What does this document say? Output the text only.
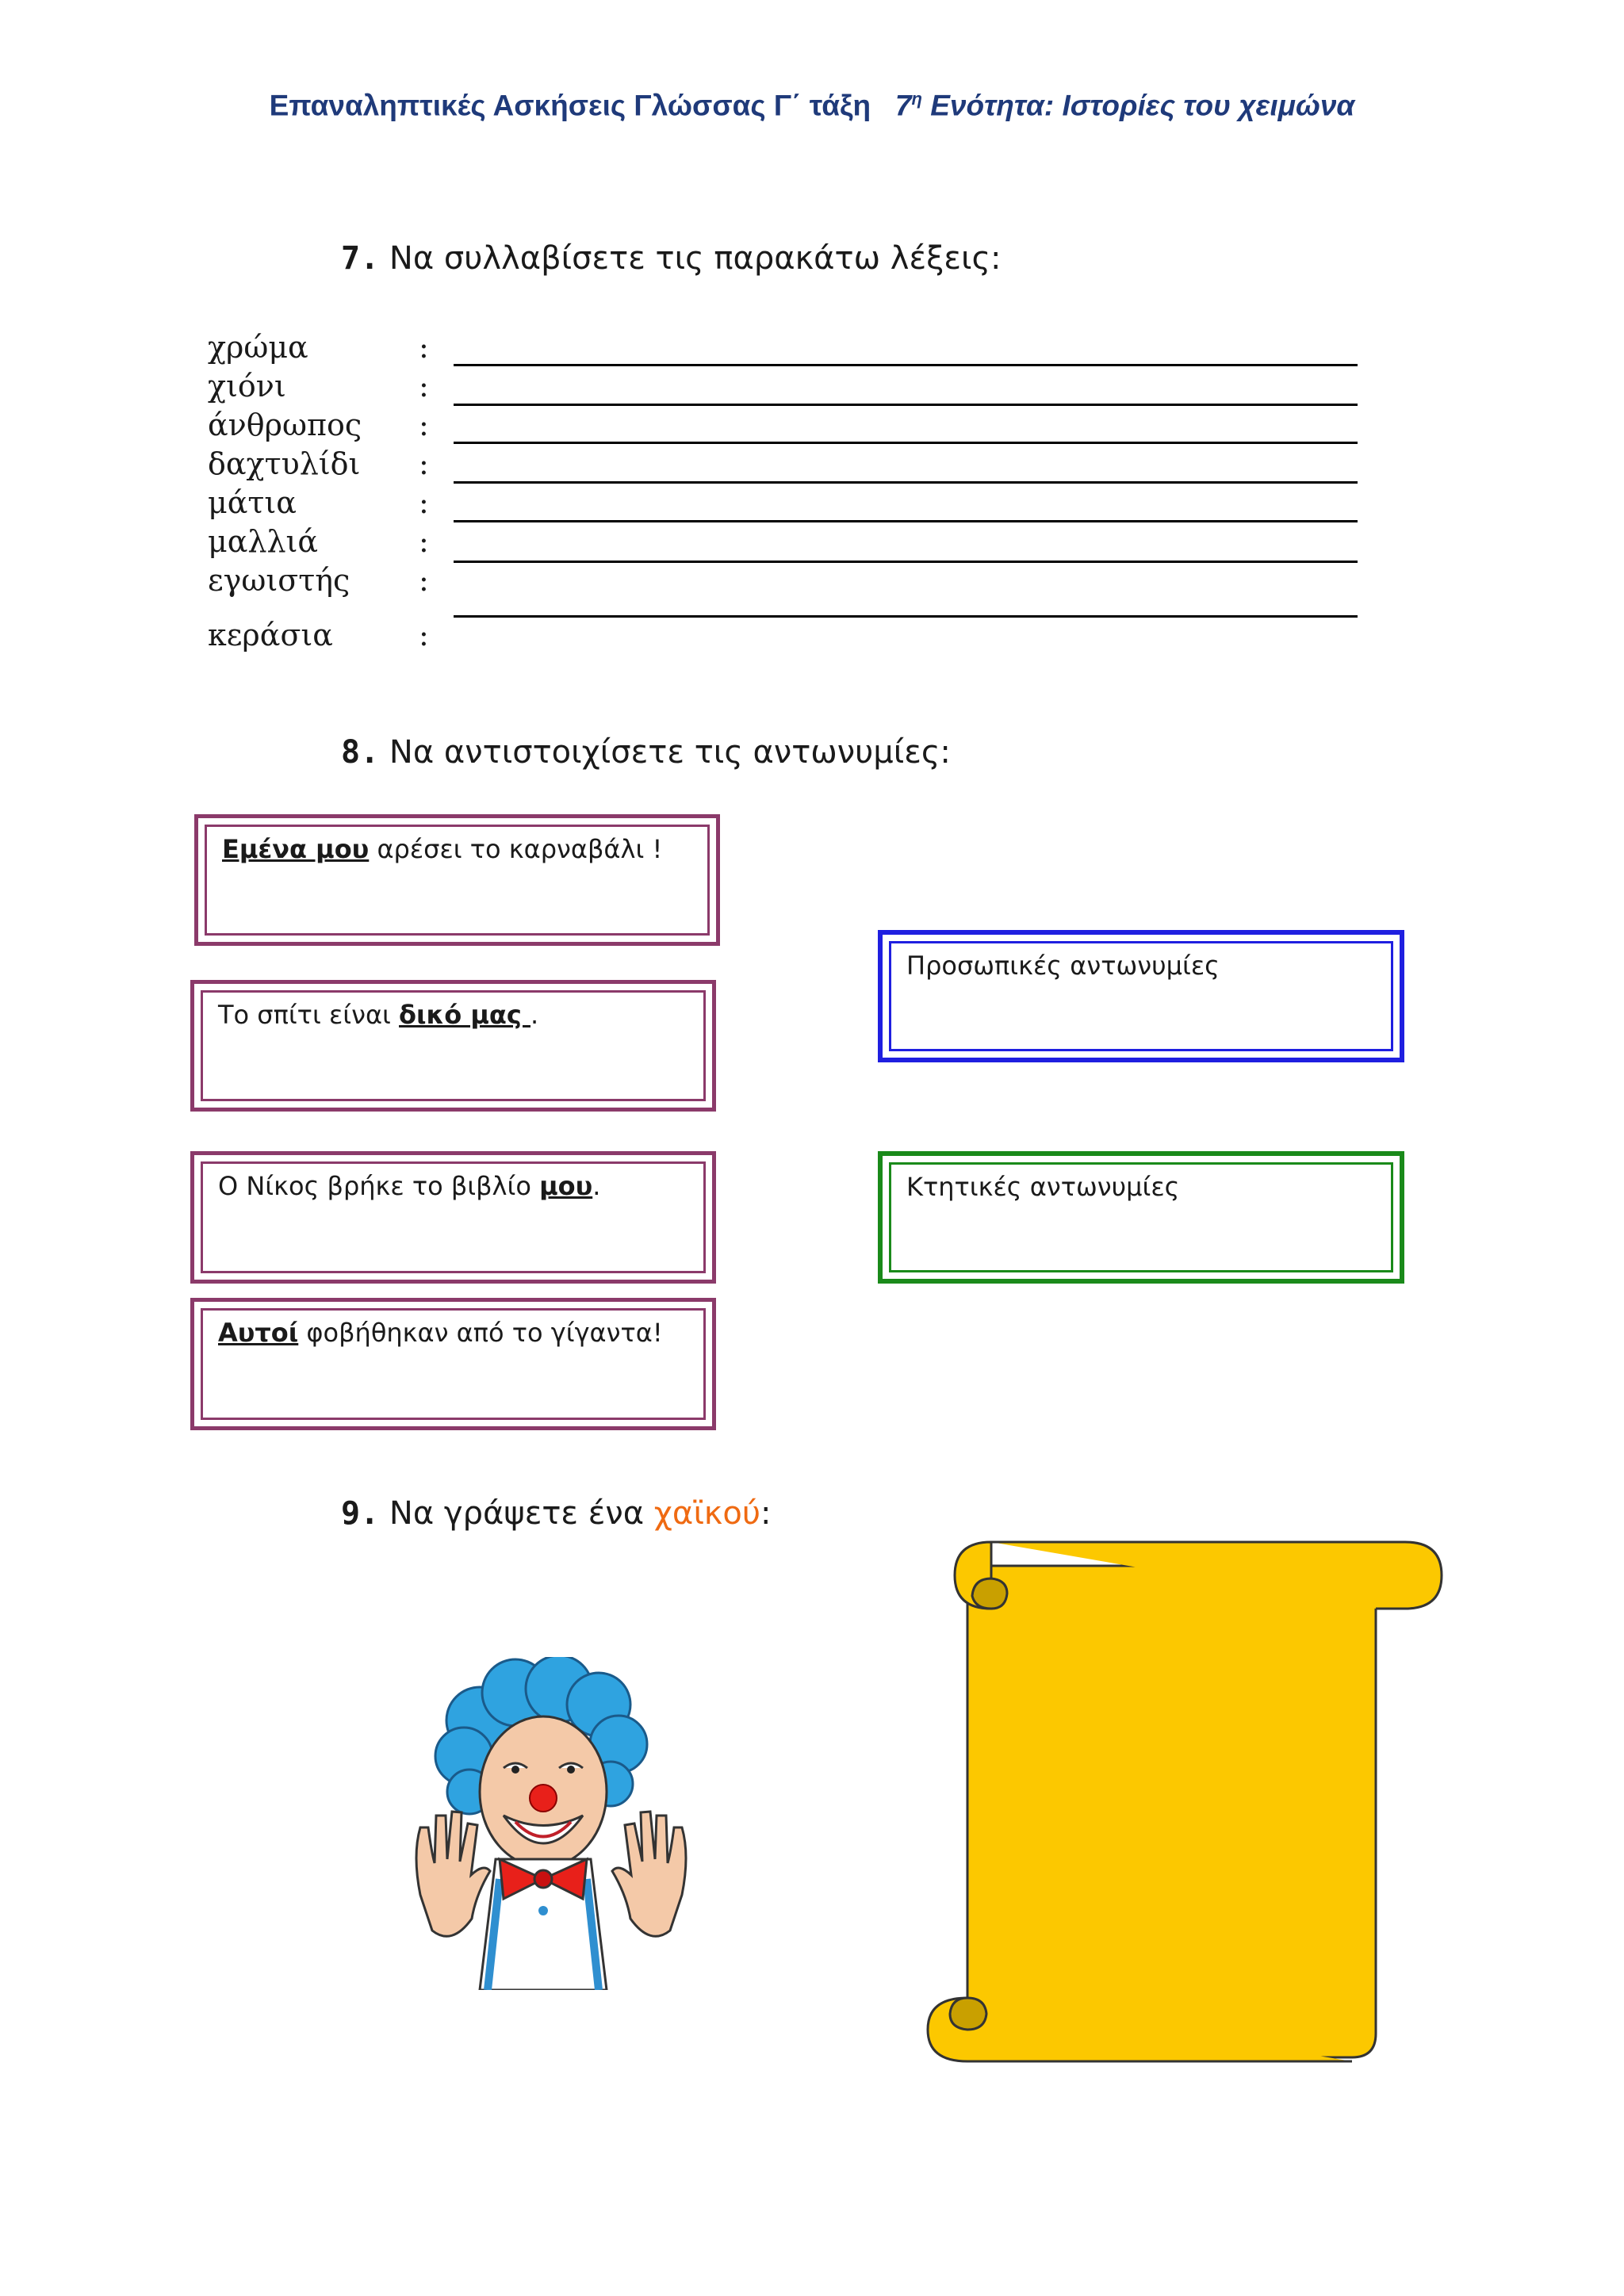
Επαναληπτικές Ασκήσεις Γλώσσας Γ΄ τάξη $7^\eta$ Ενότητα: Ιστορίες του χειμώνα
7. Να συλλαβίσετε τις παρακάτω λέξεις:
χρώμα
χιόνι
άνθρωπος
δαχτυλίδι
μάτια
μαλλιά
εγωιστής
κεράσια
:
:
:
:
:
:
:
:
8. Να αντιστοιχίσετε τις αντωνυμίες:
Εμένα μου αρέσει το καρναβάλι !
Το σπίτι είναι δικό μας .
Προσωπικές αντωνυμίες
Ο Νίκος βρήκε το βιβλίο μου.	Κτητικές αντωνυμίες
Αυτοί φοβήθηκαν από το γίγαντα!
9. Να γράψετε ένα χαϊκού:
